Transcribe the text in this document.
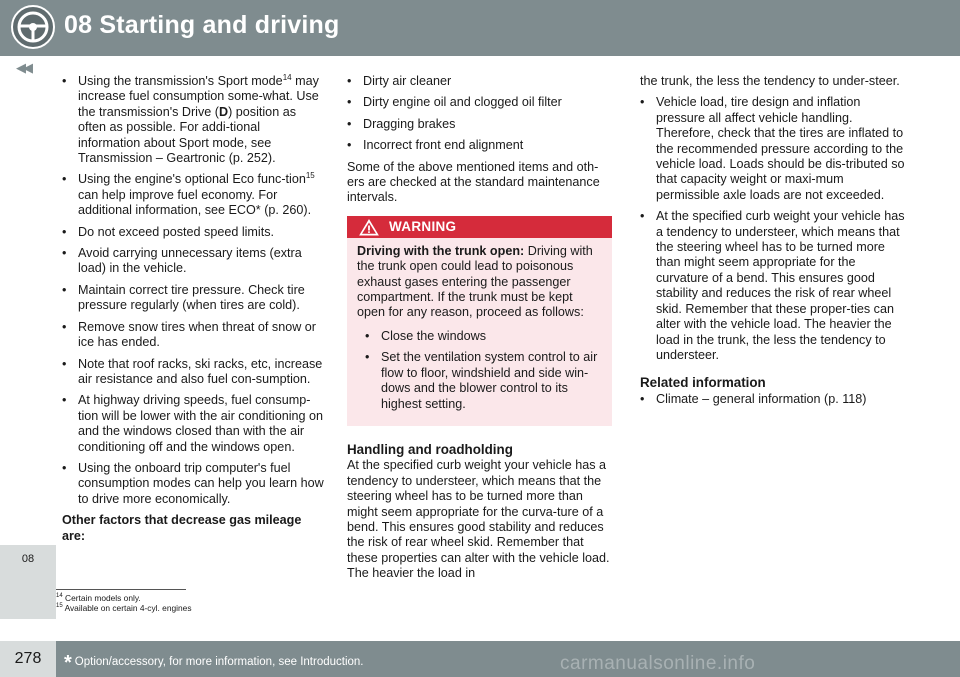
08 Starting and driving
◀◀
08
• Using the transmission's Sport mode$^{14}$ may increase fuel consumption some-what. Use the transmission's Drive (D) position as often as possible. For addi-tional information about Sport mode, see Transmission – Geartronic (p. 252).
• Using the engine's optional Eco func-tion$^{15}$ can help improve fuel economy. For additional information, see ECO* (p. 260).
• Do not exceed posted speed limits.
• Avoid carrying unnecessary items (extra load) in the vehicle.
• Maintain correct tire pressure. Check tire pressure regularly (when tires are cold).
• Remove snow tires when threat of snow or ice has ended.
• Note that roof racks, ski racks, etc, increase air resistance and also fuel con-sumption.
• At highway driving speeds, fuel consump-tion will be lower with the air conditioning on and the windows closed than with the air conditioning off and the windows open.
• Using the onboard trip computer's fuel consumption modes can help you learn how to drive more economically.

Other factors that decrease gas mileage are:

• Dirty air cleaner
• Dirty engine oil and clogged oil filter
• Dragging brakes
• Incorrect front end alignment

Some of the above mentioned items and oth-ers are checked at the standard maintenance intervals.

WARNING
Driving with the trunk open: Driving with the trunk open could lead to poisonous exhaust gases entering the passenger compartment. If the trunk must be kept open for any reason, proceed as follows:
• Close the windows
• Set the ventilation system control to air flow to floor, windshield and side win-dows and the blower control to its highest setting.
Handling and roadholding

At the specified curb weight your vehicle has a tendency to understeer, which means that the steering wheel has to be turned more than might seem appropriate for the curva-ture of a bend. This ensures good stability and reduces the risk of rear wheel skid. Remember that these properties can alter with the vehicle load. The heavier the load in

the trunk, the less the tendency to under-steer.

• Vehicle load, tire design and inflation pressure all affect vehicle handling. Therefore, check that the tires are inflated to the recommended pressure according to the vehicle load. Loads should be dis-tributed so that capacity weight or maxi-mum permissible axle loads are not exceeded.
• At the specified curb weight your vehicle has a tendency to understeer, which means that the steering wheel has to be turned more than might seem appropriate for the curvature of a bend. This ensures good stability and reduces the risk of rear wheel skid. Remember that these proper-ties can alter with the vehicle load. The heavier the load in the trunk, the less the tendency to understeer.
Related information
• Climate – general information (p. 118)
$^{14}$ Certain models only.
$^{15}$ Available on certain 4-cyl. engines
278	* Option/accessory, for more information, see Introduction.	carmanualsonline.info
